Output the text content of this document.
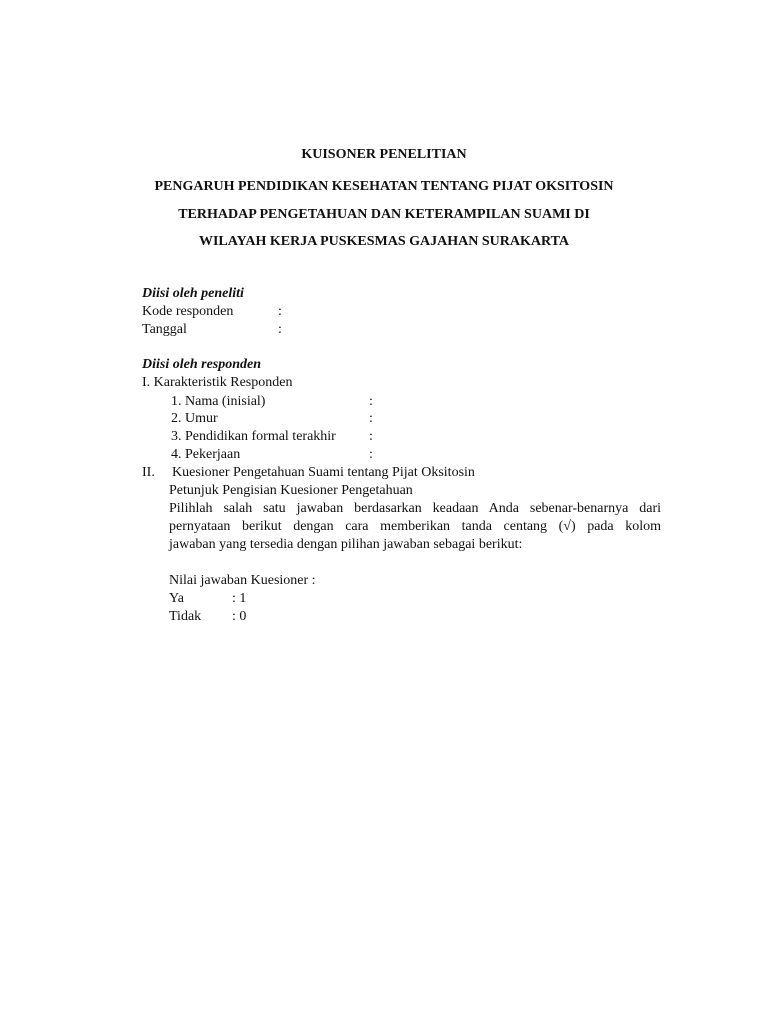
KUISONER PENELITIAN
PENGARUH PENDIDIKAN KESEHATAN TENTANG PIJAT OKSITOSIN
TERHADAP PENGETAHUAN DAN KETERAMPILAN SUAMI DI
WILAYAH KERJA PUSKESMAS GAJAHAN SURAKARTA
Diisi oleh peneliti
Kode responden	:
Tanggal	:
Diisi oleh responden
I. Karakteristik Responden
1. Nama (inisial)	:
2. Umur	:
3. Pendidikan formal terakhir :
4. Pekerjaan	:
II. Kuesioner Pengetahuan Suami tentang Pijat Oksitosin
Petunjuk Pengisian Kuesioner Pengetahuan
Pilihlah salah satu jawaban berdasarkan keadaan Anda sebenar-benarnya dari
pernyataan berikut dengan cara memberikan tanda centang (√) pada kolom
jawaban yang tersedia dengan pilihan jawaban sebagai berikut:
Nilai jawaban Kuesioner :
Ya	: 1
Tidak : 0
